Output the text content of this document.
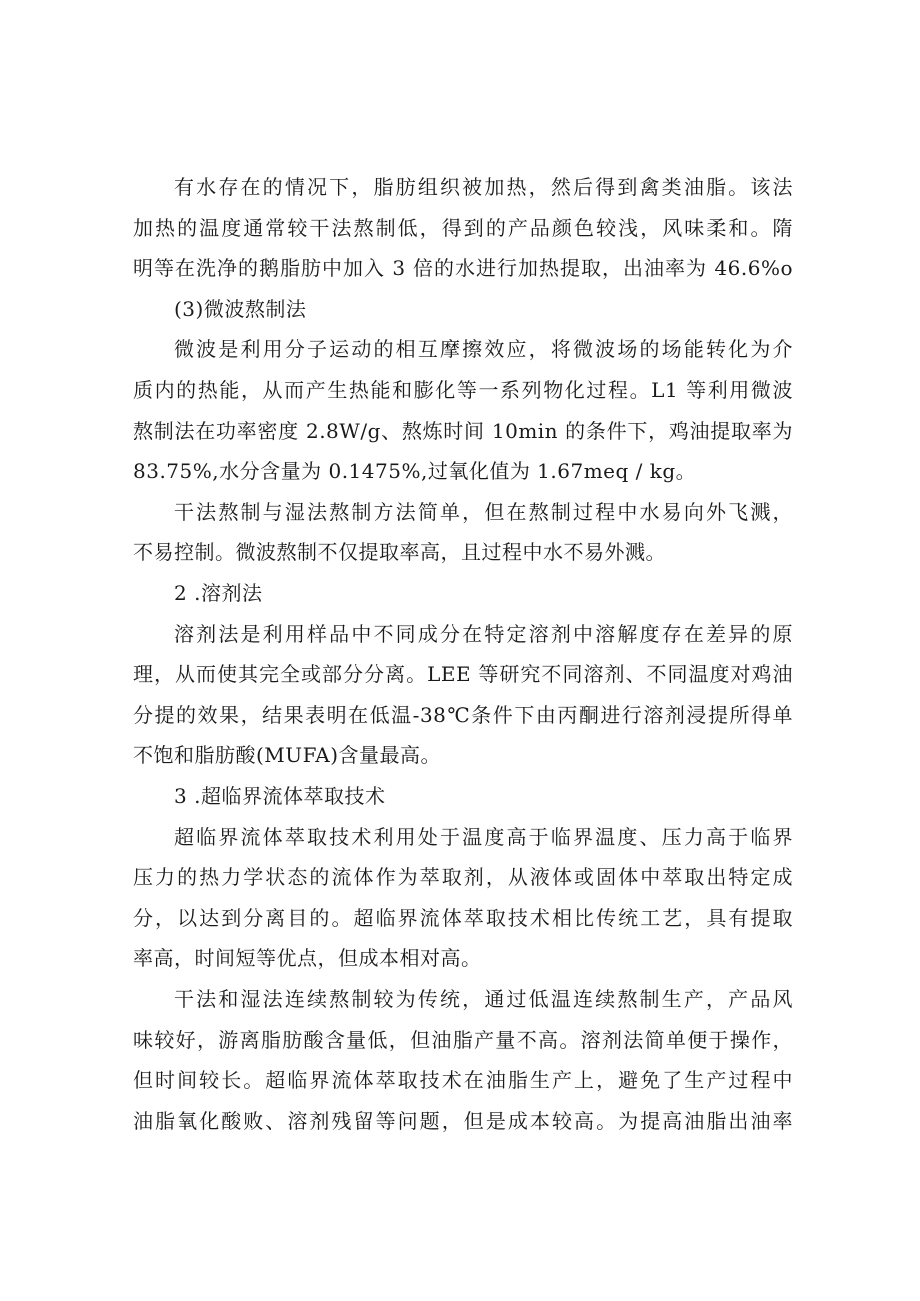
有水存在的情况下，脂肪组织被加热，然后得到禽类油脂。该法
加热的温度通常较干法熬制低，得到的产品颜色较浅，风味柔和。隋
明等在洗净的鹅脂肪中加入 3 倍的水进行加热提取，出油率为 46.6%o
(3)微波熬制法
微波是利用分子运动的相互摩擦效应，将微波场的场能转化为介
质内的热能，从而产生热能和膨化等一系列物化过程。L1 等利用微波
熬制法在功率密度 2.8W/g、熬炼时间 10min 的条件下，鸡油提取率为
83.75%,水分含量为 0.1475%,过氧化值为 1.67meq / kg。
干法熬制与湿法熬制方法简单，但在熬制过程中水易向外飞溅，
不易控制。微波熬制不仅提取率高，且过程中水不易外溅。
2 .溶剂法
溶剂法是利用样品中不同成分在特定溶剂中溶解度存在差异的原
理，从而使其完全或部分分离。LEE 等研究不同溶剂、不同温度对鸡油
分提的效果，结果表明在低温-38℃条件下由丙酮进行溶剂浸提所得单
不饱和脂肪酸(MUFA)含量最高。
3 .超临界流体萃取技术
超临界流体萃取技术利用处于温度高于临界温度、压力高于临界
压力的热力学状态的流体作为萃取剂，从液体或固体中萃取出特定成
分，以达到分离目的。超临界流体萃取技术相比传统工艺，具有提取
率高，时间短等优点，但成本相对高。
干法和湿法连续熬制较为传统，通过低温连续熬制生产，产品风
味较好，游离脂肪酸含量低，但油脂产量不高。溶剂法简单便于操作，
但时间较长。超临界流体萃取技术在油脂生产上，避免了生产过程中
油脂氧化酸败、溶剂残留等问题，但是成本较高。为提高油脂出油率
